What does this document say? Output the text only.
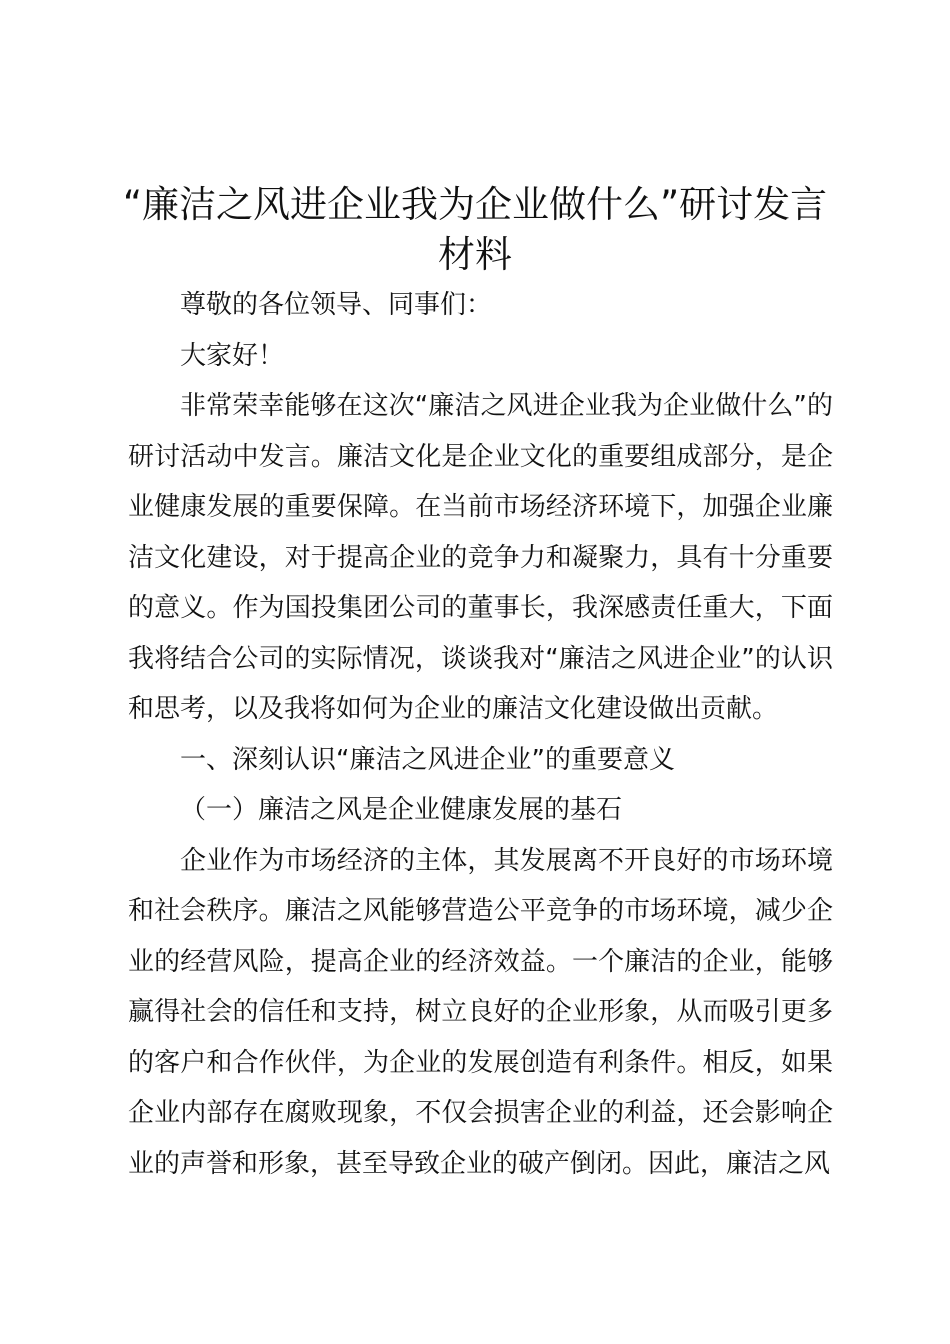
“廉洁之风进企业我为企业做什么”研讨发言
材料

尊敬的各位领导、同事们：

大家好！

非常荣幸能够在这次“廉洁之风进企业我为企业做什么”的研讨活动中发言。廉洁文化是企业文化的重要组成部分，是企业健康发展的重要保障。在当前市场经济环境下，加强企业廉洁文化建设，对于提高企业的竞争力和凝聚力，具有十分重要的意义。作为国投集团公司的董事长，我深感责任重大，下面我将结合公司的实际情况，谈谈我对“廉洁之风进企业”的认识和思考，以及我将如何为企业的廉洁文化建设做出贡献。

一、深刻认识“廉洁之风进企业”的重要意义

（一）廉洁之风是企业健康发展的基石

企业作为市场经济的主体，其发展离不开良好的市场环境和社会秩序。廉洁之风能够营造公平竞争的市场环境，减少企业的经营风险，提高企业的经济效益。一个廉洁的企业，能够赢得社会的信任和支持，树立良好的企业形象，从而吸引更多的客户和合作伙伴，为企业的发展创造有利条件。相反，如果企业内部存在腐败现象，不仅会损害企业的利益，还会影响企业的声誉和形象，甚至导致企业的破产倒闭。因此，廉洁之风
